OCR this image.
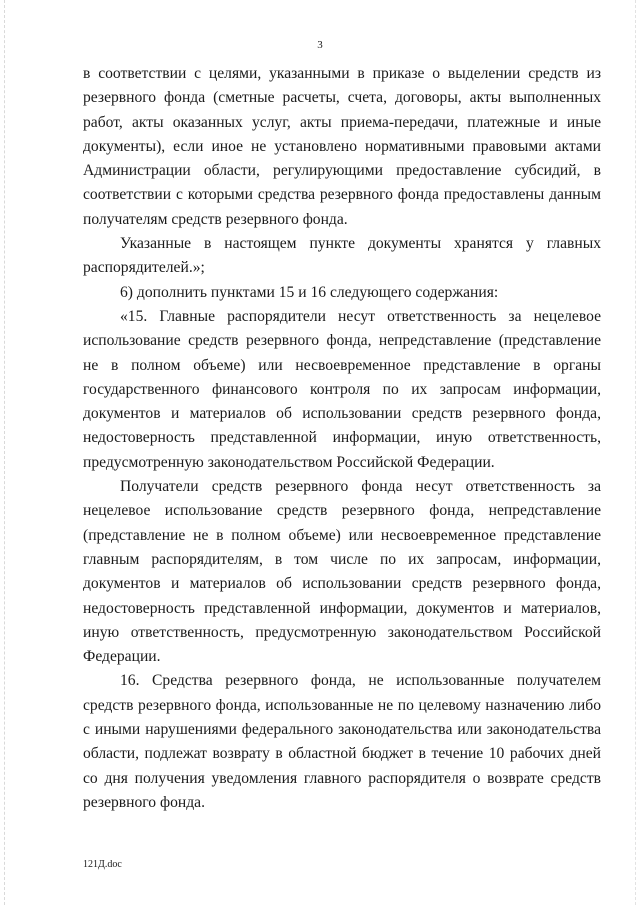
3

в соответствии с целями, указанными в приказе о выделении средств из резервного фонда (сметные расчеты, счета, договоры, акты выполненных работ, акты оказанных услуг, акты приема-передачи, платежные и иные документы), если иное не установлено нормативными правовыми актами Администрации области, регулирующими предоставление субсидий, в соответствии с которыми средства резервного фонда предоставлены данным получателям средств резервного фонда.

Указанные в настоящем пункте документы хранятся у главных распорядителей.»;

6) дополнить пунктами 15 и 16 следующего содержания:

«15. Главные распорядители несут ответственность за нецелевое использование средств резервного фонда, непредставление (представление не в полном объеме) или несвоевременное представление в органы государственного финансового контроля по их запросам информации, документов и материалов об использовании средств резервного фонда, недостоверность представленной информации, иную ответственность, предусмотренную законодательством Российской Федерации.

Получатели средств резервного фонда несут ответственность за нецелевое использование средств резервного фонда, непредставление (представление не в полном объеме) или несвоевременное представление главным распорядителям, в том числе по их запросам, информации, документов и материалов об использовании средств резервного фонда, недостоверность представленной информации, документов и материалов, иную ответственность, предусмотренную законодательством Российской Федерации.

16. Средства резервного фонда, не использованные получателем средств резервного фонда, использованные не по целевому назначению либо с иными нарушениями федерального законодательства или законодательства области, подлежат возврату в областной бюджет в течение 10 рабочих дней со дня получения уведомления главного распорядителя о возврате средств резервного фонда.

121Д.doc
